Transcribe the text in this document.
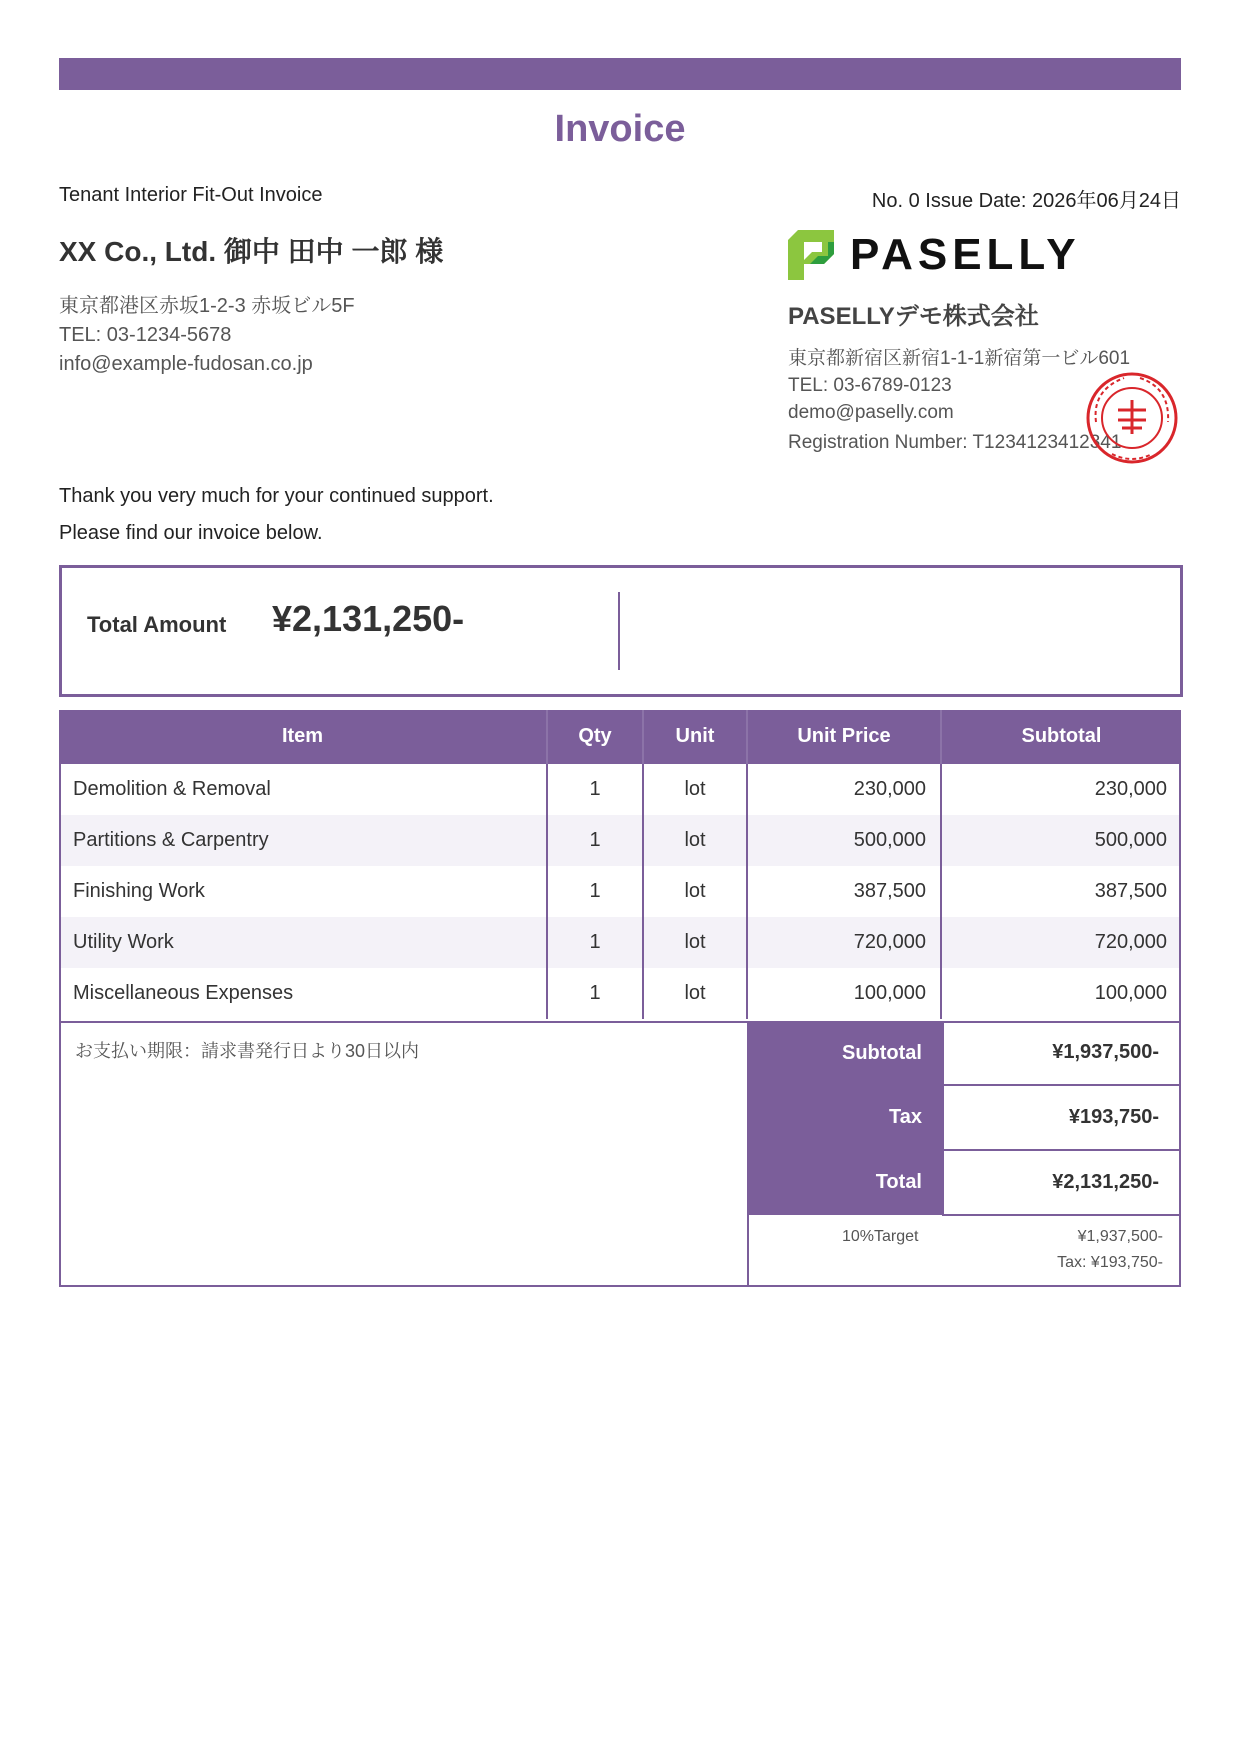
Invoice
Tenant Interior Fit-Out Invoice	No. 0 Issue Date: 2026年06月24日
XX Co., Ltd. 御中 田中 一郎 様
東京都港区赤坂1-2-3 赤坂ビル5F
TEL: 03-1234-5678
info@example-fudosan.co.jp
PASELLY
PASELLYデモ株式会社
東京都新宿区新宿1-1-1新宿第一ビル601
TEL: 03-6789-0123
demo@paselly.com
Registration Number: T1234123412341
Thank you very much for your continued support.
Please find our invoice below.
Total Amount ¥2,131,250-
Item	Qty	Unit	Unit Price	Subtotal
Demolition & Removal	1	lot	230,000	230,000
Partitions & Carpentry	1	lot	500,000	500,000
Finishing Work	1	lot	387,500	387,500
Utility Work	1	lot	720,000	720,000
Miscellaneous Expenses	1	lot	100,000	100,000
お支払い期限：請求書発行日より30日以内	Subtotal	¥1,937,500-
Tax	¥193,750-
Total	¥2,131,250-
10%Target	¥1,937,500-
Tax: ¥193,750-
